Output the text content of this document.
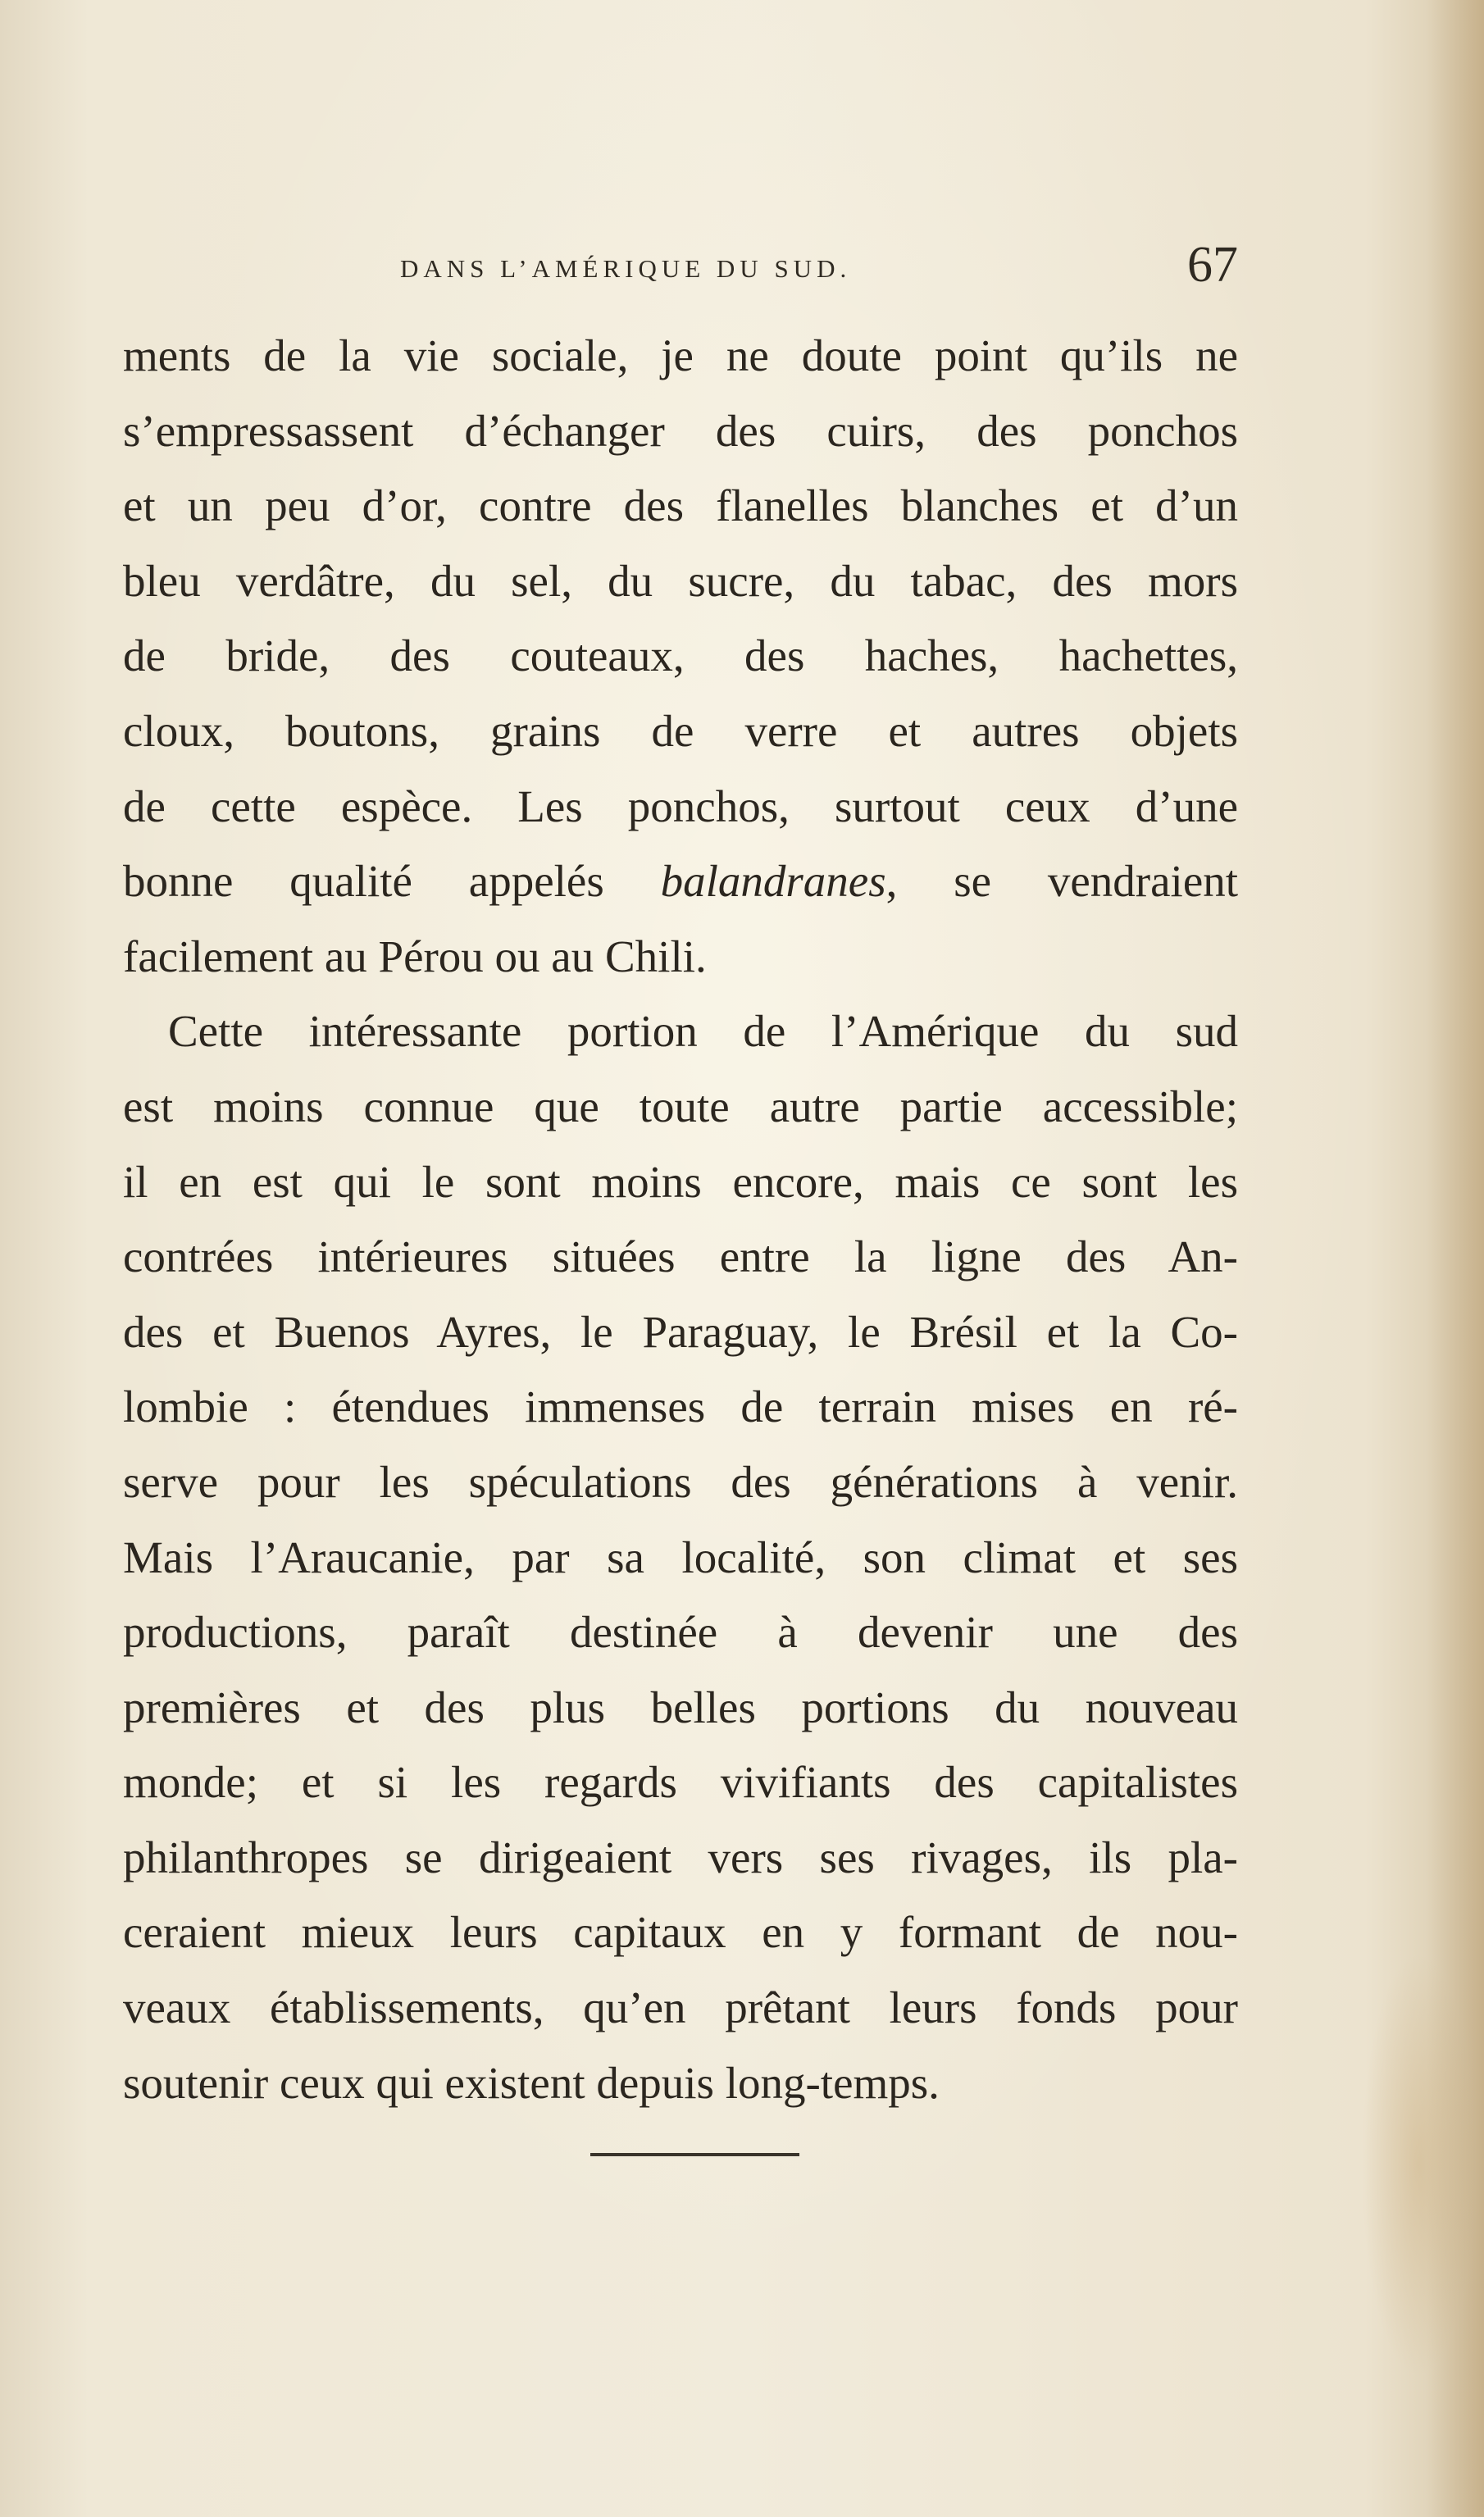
DANS L’AMÉRIQUE DU SUD.	67
ments de la vie sociale, je ne doute point qu’ils ne
s’empressassent d’échanger des cuirs, des ponchos
et un peu d’or, contre des flanelles blanches et d’un
bleu verdâtre, du sel, du sucre, du tabac, des mors
de bride, des couteaux, des haches, hachettes,
cloux, boutons, grains de verre et autres objets
de cette espèce. Les ponchos, surtout ceux d’une
bonne qualité appelés balandranes, se vendraient
facilement au Pérou ou au Chili.
Cette intéressante portion de l’Amérique du sud
est moins connue que toute autre partie accessible;
il en est qui le sont moins encore, mais ce sont les
contrées intérieures situées entre la ligne des An-
des et Buenos Ayres, le Paraguay, le Brésil et la Co-
lombie : étendues immenses de terrain mises en ré-
serve pour les spéculations des générations à venir.
Mais l’Araucanie, par sa localité, son climat et ses
productions, paraît destinée à devenir une des
premières et des plus belles portions du nouveau
monde; et si les regards vivifiants des capitalistes
philanthropes se dirigeaient vers ses rivages, ils pla-
ceraient mieux leurs capitaux en y formant de nou-
veaux établissements, qu’en prêtant leurs fonds pour
soutenir ceux qui existent depuis long-temps.
